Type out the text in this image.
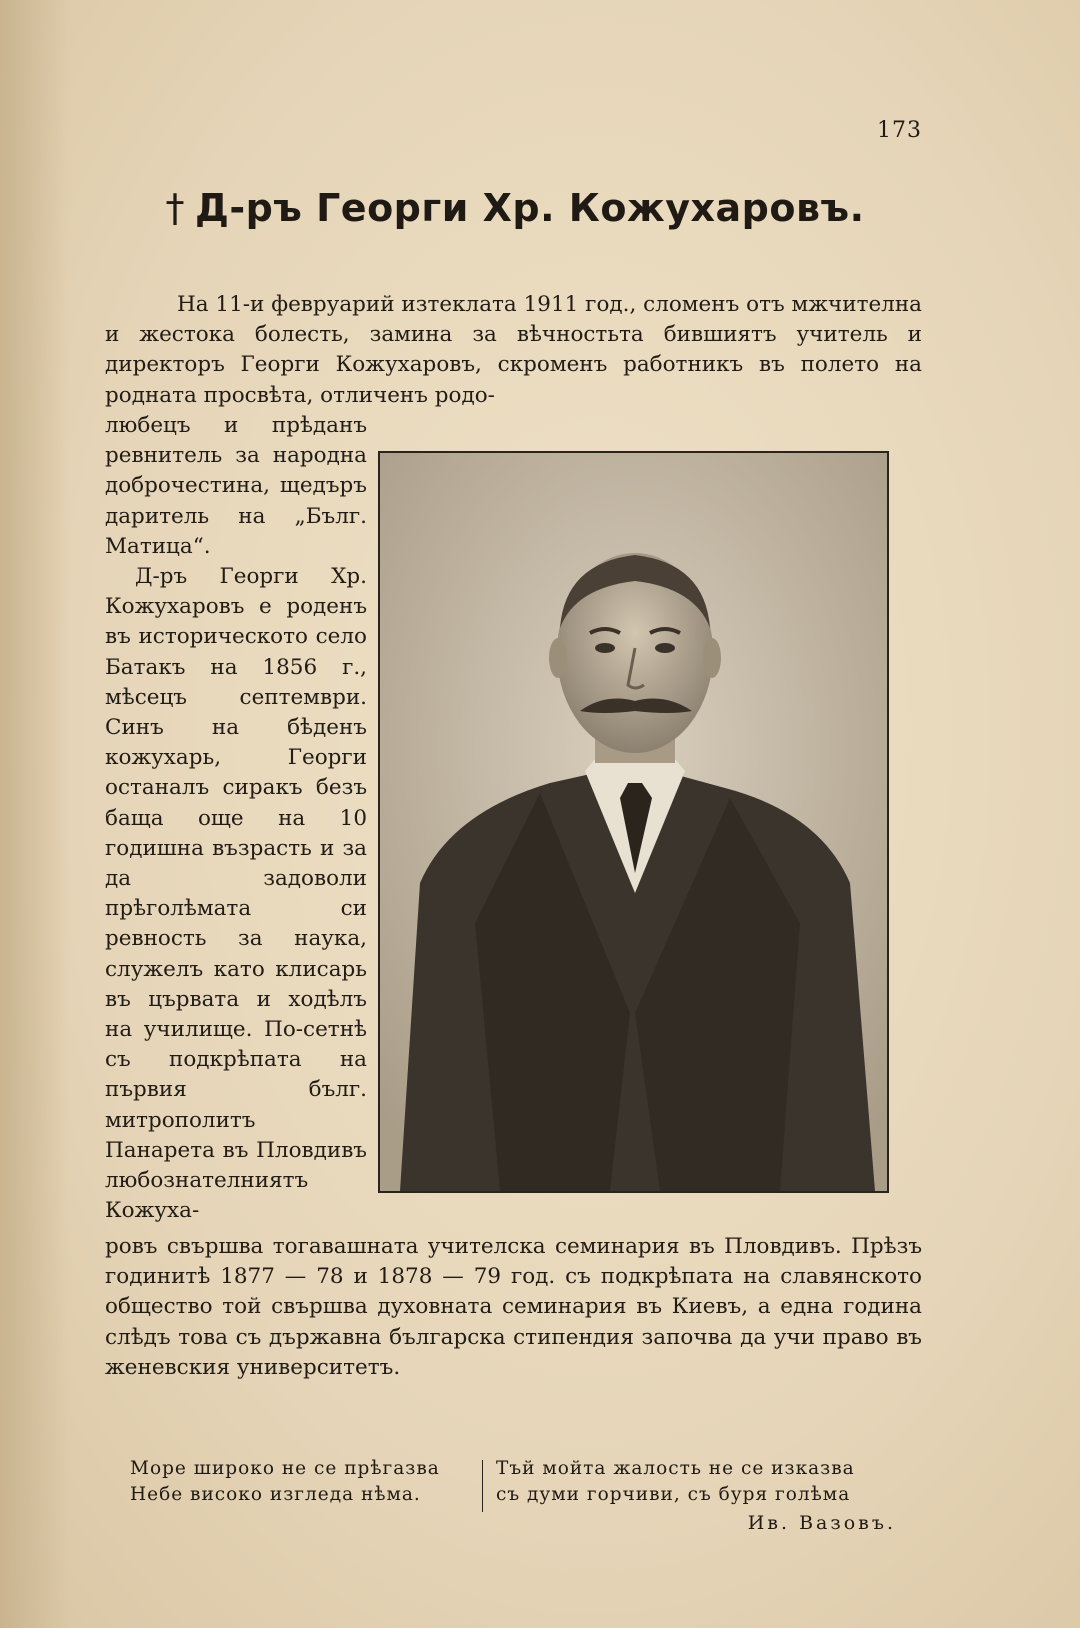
173
† Д-ръ Георги Хр. Кожухаровъ.
На 11-и февруарий изтеклата 1911 год., сломенъ отъ мжчителна и жестока болесть, замина за вѣчностьта бившиятъ учитель и директоръ Георги Кожухаровъ, скроменъ работникъ въ полето на родната просвѣта, отличенъ родо-

любецъ и прѣданъ ревнитель за народна доброчестина, щедъръ даритель на „Бълг. Матица“.

Д-ръ Георги Хр. Кожухаровъ е роденъ въ историческото село Батакъ на 1856 г., мѣсецъ септември. Синъ на бѣденъ кожухарь, Георги останалъ сиракъ безъ баща още на 10 годишна възрасть и за да задоволи прѣголѣмата си ревность за наука, служелъ като клисарь въ цървата и ходѣлъ на училище. По-сетнѣ съ подкрѣпата на първия бълг. митрополитъ Панарета въ Пловдивъ любознателниятъ Кожуха-

ровъ свършва тогавашната учителска семинария въ Пловдивъ. Прѣзъ годинитѣ 1877 — 78 и 1878 — 79 год. съ подкрѣпата на славянското общество той свършва духовната семинария въ Киевъ, а една година слѣдъ това съ държавна българска стипендия започва да учи право въ женевския университетъ.
Море широко не се прѣгазва
Небе високо изгледа нѣма.
Тъй мойта жалость не се изказва
съ думи горчиви, съ буря голѣма
Ив. Вазовъ.
